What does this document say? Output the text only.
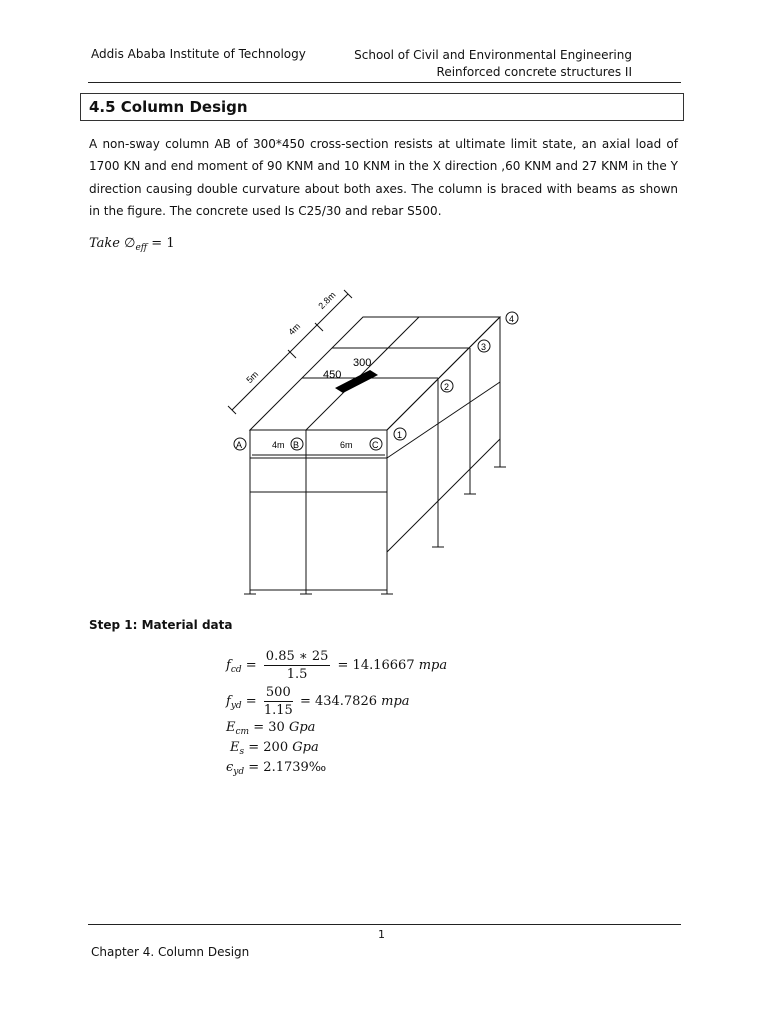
Addis Ababa Institute of Technology	School of Civil and Environmental Engineering
Reinforced concrete structures II
4.5 Column Design
A non-sway column AB of 300*450 cross-section resists at ultimate limit state, an axial load of 1700 KN and end moment of 90 KNM and 10 KNM in the X direction ,60 KNM and 27 KNM in the Y direction causing double curvature about both axes. The column is braced with beams as shown in the figure. The concrete used Is C25/30 and rebar S500.
Take $\emptyset_{eff} = 1$
450
300
5m
4m
2.8m
4m	6m
A	B	C
1
2
3
4
Step 1: Material data
$f_{cd} = \frac{0.85 ∗ 25}{1.5} = 14.16667$ mpa
$f_{yd} = \frac{500}{1.15} = 434.7826$ mpa
$E_{cm} = 30$ Gpa
$E_s = 200$ Gpa
$\epsilon_{yd}$ = 2.1739‰
1
Chapter 4. Column Design
